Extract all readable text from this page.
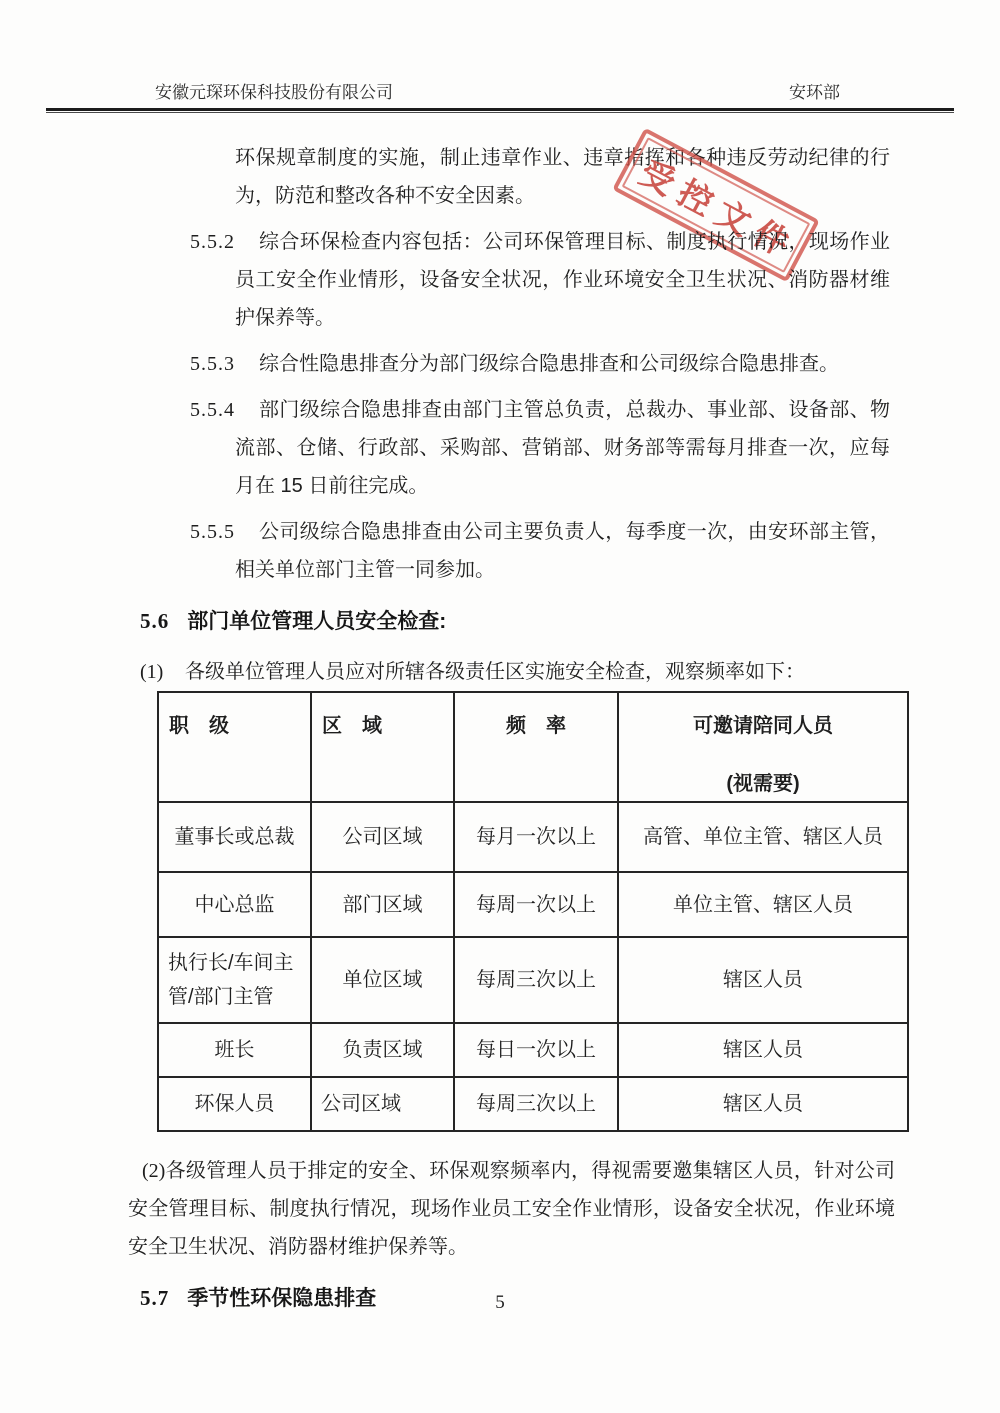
安徽元琛环保科技股份有限公司	安环部
受控文件

环保规章制度的实施，制止违章作业、违章指挥和各种违反劳动纪律的行为，防范和整改各种不安全因素。

5.5.2 综合环保检查内容包括：公司环保管理目标、制度执行情况，现场作业员工安全作业情形，设备安全状况，作业环境安全卫生状况、消防器材维护保养等。
5.5.3 综合性隐患排查分为部门级综合隐患排查和公司级综合隐患排查。
5.5.4 部门级综合隐患排查由部门主管总负责，总裁办、事业部、设备部、物流部、仓储、行政部、采购部、营销部、财务部等需每月排查一次，应每月在 15 日前往完成。
5.5.5 公司级综合隐患排查由公司主要负责人，每季度一次，由安环部主管，相关单位部门主管一同参加。
5.6 部门单位管理人员安全检查:
(1) 各级单位管理人员应对所辖各级责任区实施安全检查，观察频率如下：
职　级	区　域	频　率	可邀请陪同人员
(视需要)

董事长或总裁	公司区域	每月一次以上	高管、单位主管、辖区人员
中心总监	部门区域	每周一次以上	单位主管、辖区人员
执行长/车间主管/部门主管	单位区域	每周三次以上	辖区人员
班长	负责区域	每日一次以上	辖区人员
环保人员	公司区域	每周三次以上	辖区人员

(2)各级管理人员于排定的安全、环保观察频率内，得视需要邀集辖区人员，针对公司安全管理目标、制度执行情况，现场作业员工安全作业情形，设备安全状况，作业环境安全卫生状况、消防器材维护保养等。

5.7 季节性环保隐患排查	5
